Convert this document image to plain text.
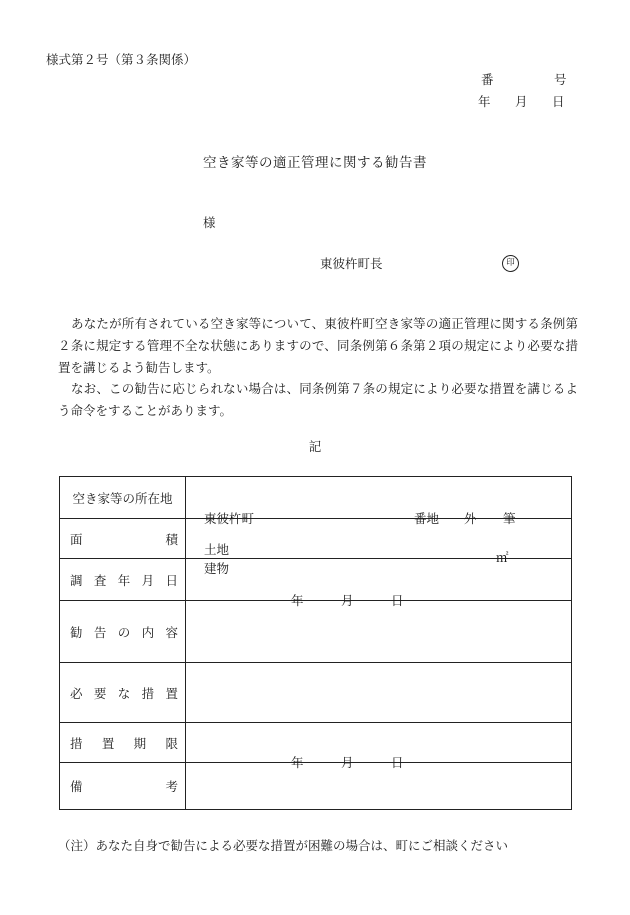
様式第２号（第３条関係）
番	号
年 月 日
空き家等の適正管理に関する勧告書
様
東彼杵町長	印
あなたが所有されている空き家等について、東彼杵町空き家等の適正管理に関する条例第２条に規定する管理不全な状態にありますので、同条例第６条第２項の規定により必要な措置を講じるよう勧告します。
なお、この勧告に応じられない場合は、同条例第７条の規定により必要な措置を講じるよう命令をすることがあります。
記
空き家等の所在地	東彼杵町 番地 外 筆

面 積	土地
建物
㎡

調 査 年 月 日	年 月 日

勧 告 の 内 容	

必 要 な 措 置	

措 置 期 限	年 月 日

備 考	

（注）あなた自身で勧告による必要な措置が困難の場合は、町にご相談ください
